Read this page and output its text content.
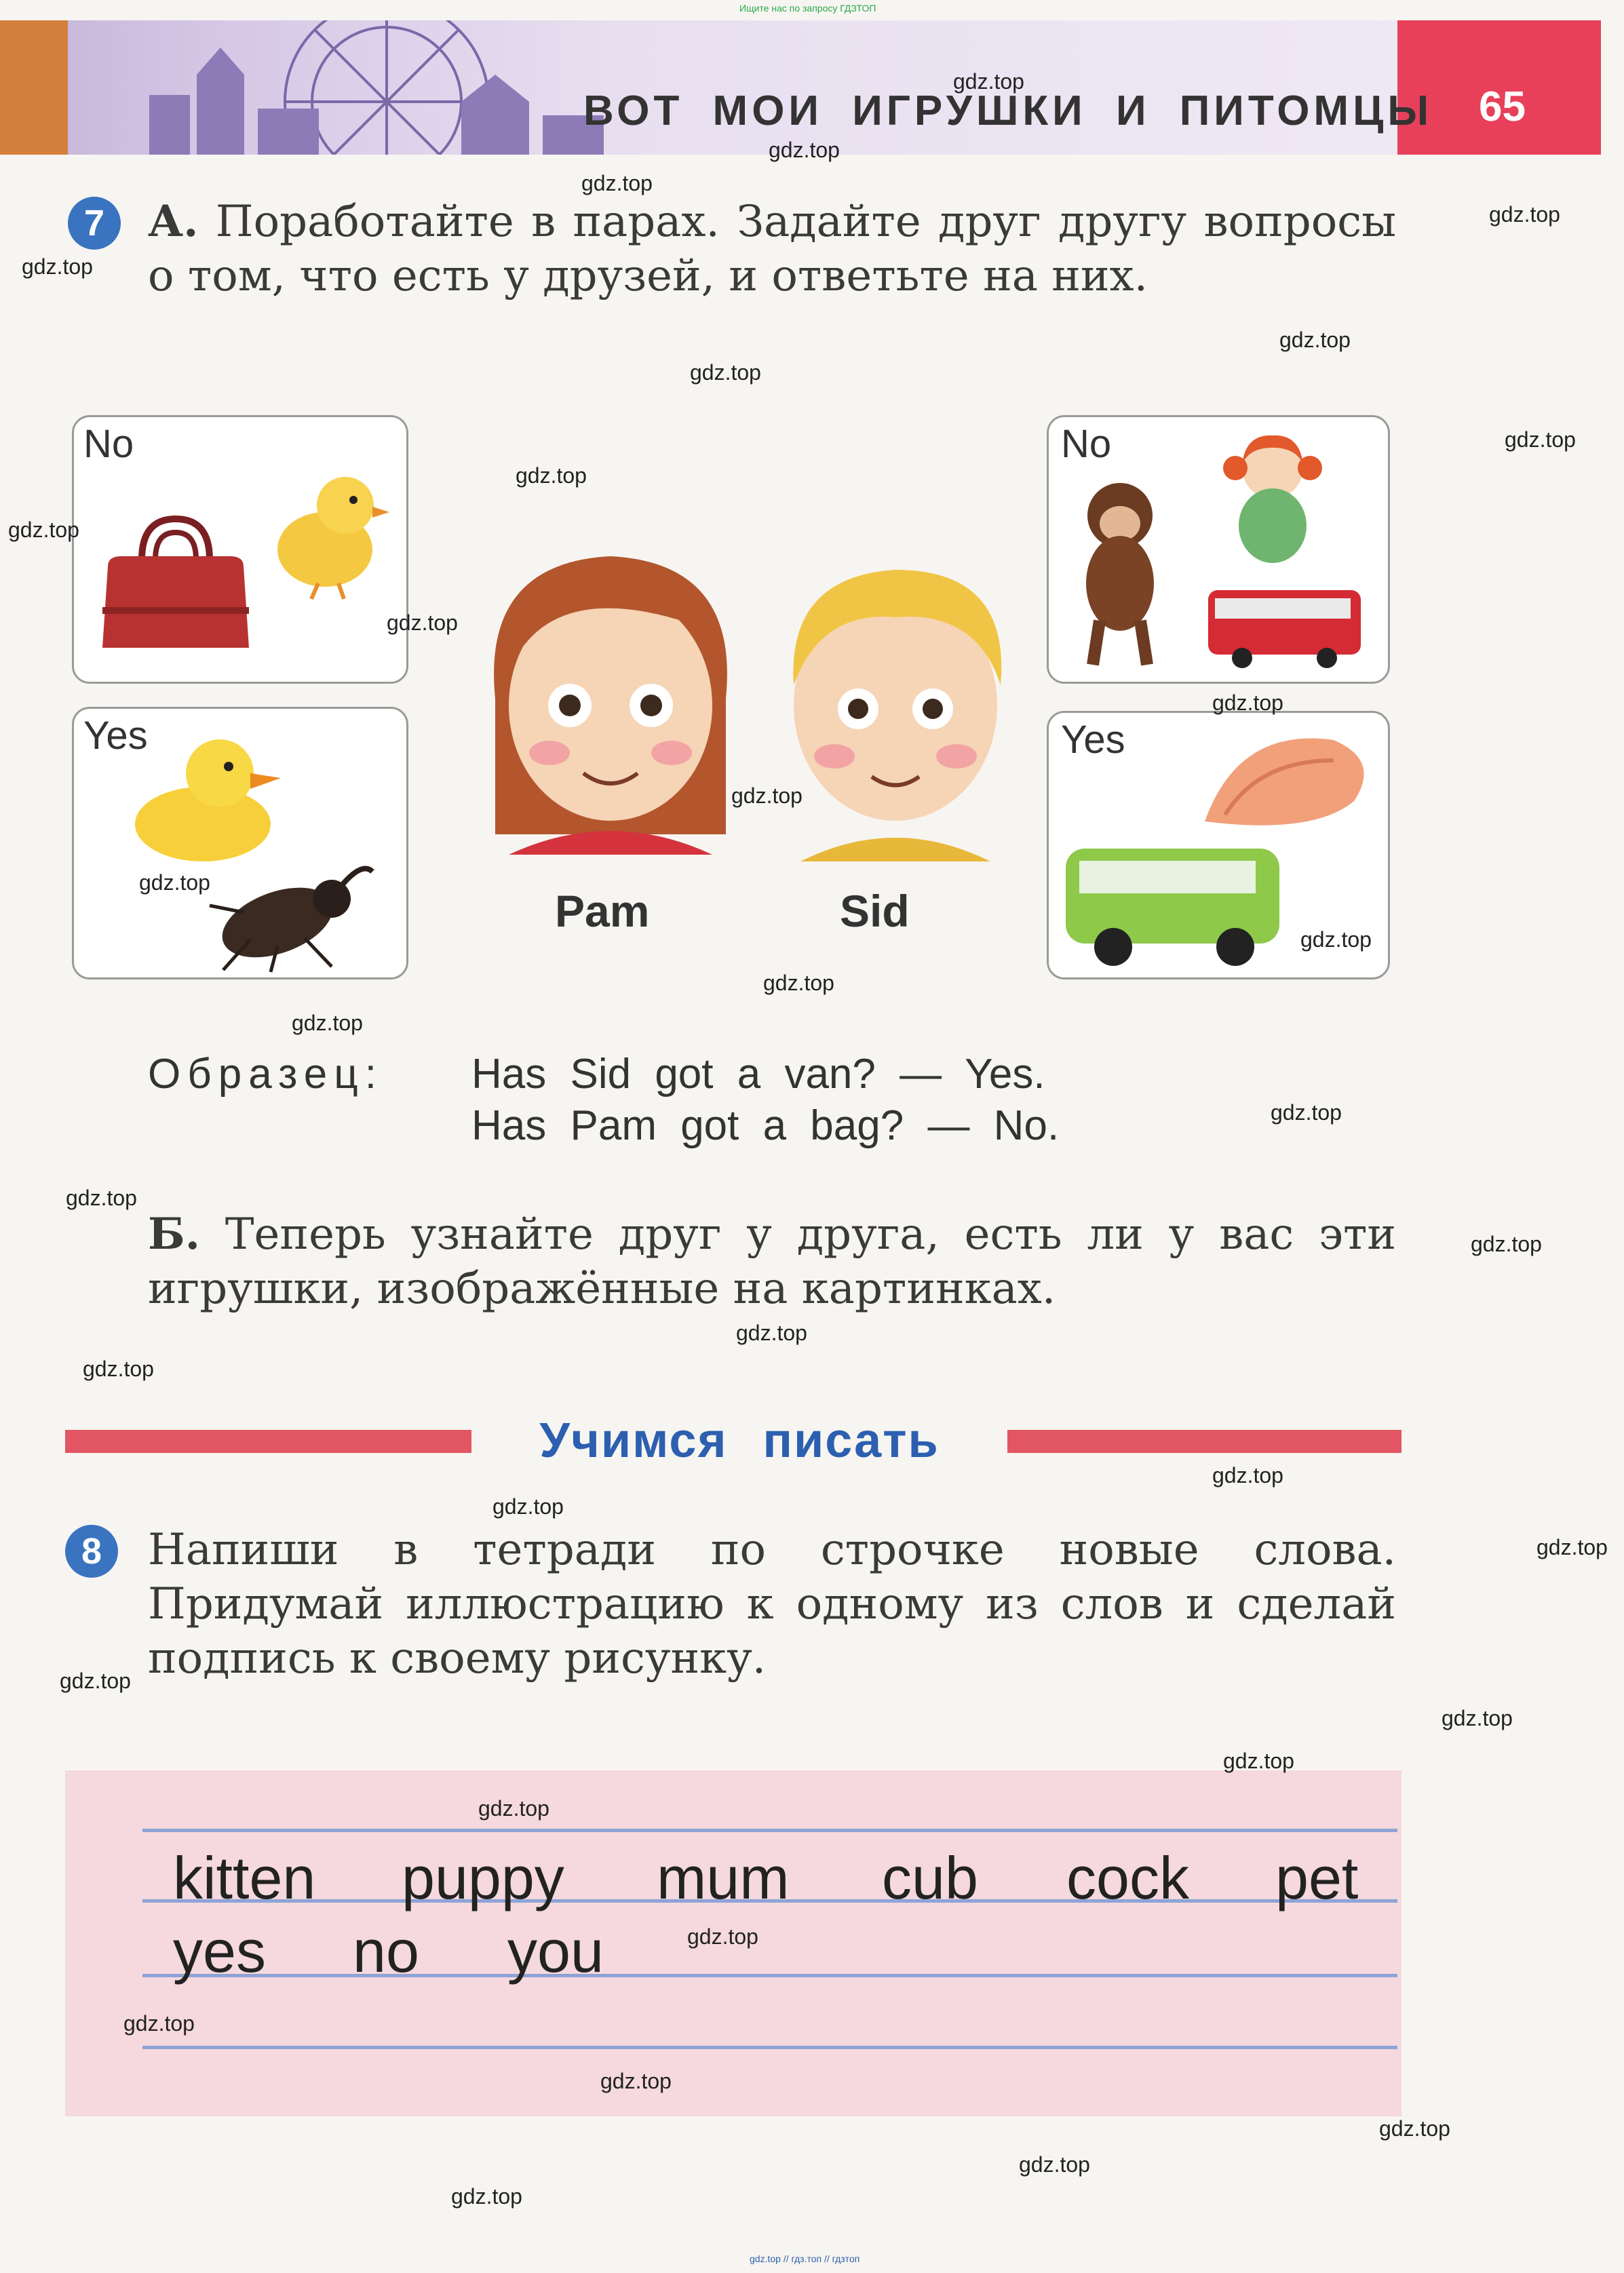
Ищите нас по запросу ГДЗТОП
ВОТ МОИ ИГРУШКИ И ПИТОМЦЫ 65
7 А. Поработайте в парах. Задайте друг другу вопросы о том, что есть у друзей, и ответьте на них.
No
Yes
Pam	Sid
No
Yes
Образец: Has Sid got a van? — Yes.
Has Pam got a bag? — No.
Б. Теперь узнайте друг у друга, есть ли у вас эти игрушки, изображённые на картинках.
Учимся писать
8	Напиши в тетради по строчке новые слова. Придумай иллюстрацию к одному из слов и сделай подпись к своему рисунку.
kitten puppy mum cub cock pet
yes no you
gdz.top
gdz.top
gdz.top
gdz.top
gdz.top
gdz.top
gdz.top
gdz.top
gdz.top
gdz.top
gdz.top
gdz.top
gdz.top
gdz.top
gdz.top
gdz.top
gdz.top
gdz.top
gdz.top
gdz.top
gdz.top
gdz.top
gdz.top
gdz.top
gdz.top
gdz.top
gdz.top
gdz.top
gdz.top
gdz.top
gdz.top
gdz.top
gdz.top
gdz.top
gdz.top
gdz.top // гдз.топ // гдзтоп
